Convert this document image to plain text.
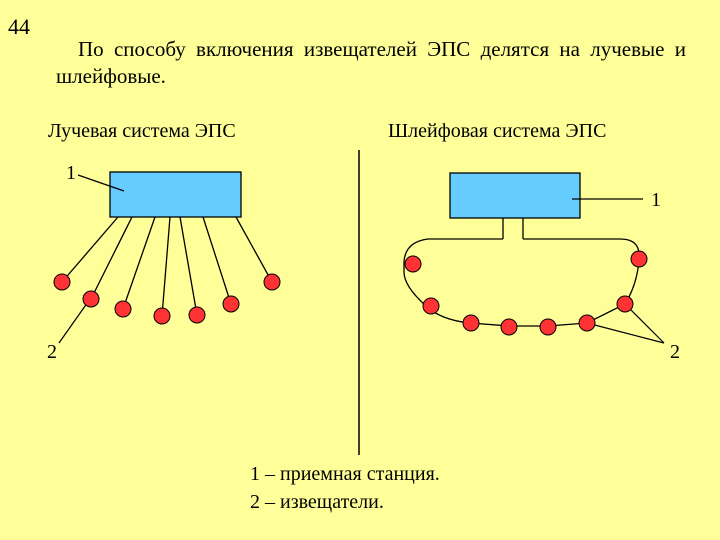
44
По способу включения извещателей ЭПС делятся на лучевые и шлейфовые.
Лучевая система ЭПС	Шлейфовая система ЭПС
1
2
1
2
1 – приемная станция.
2 – извещатели.
